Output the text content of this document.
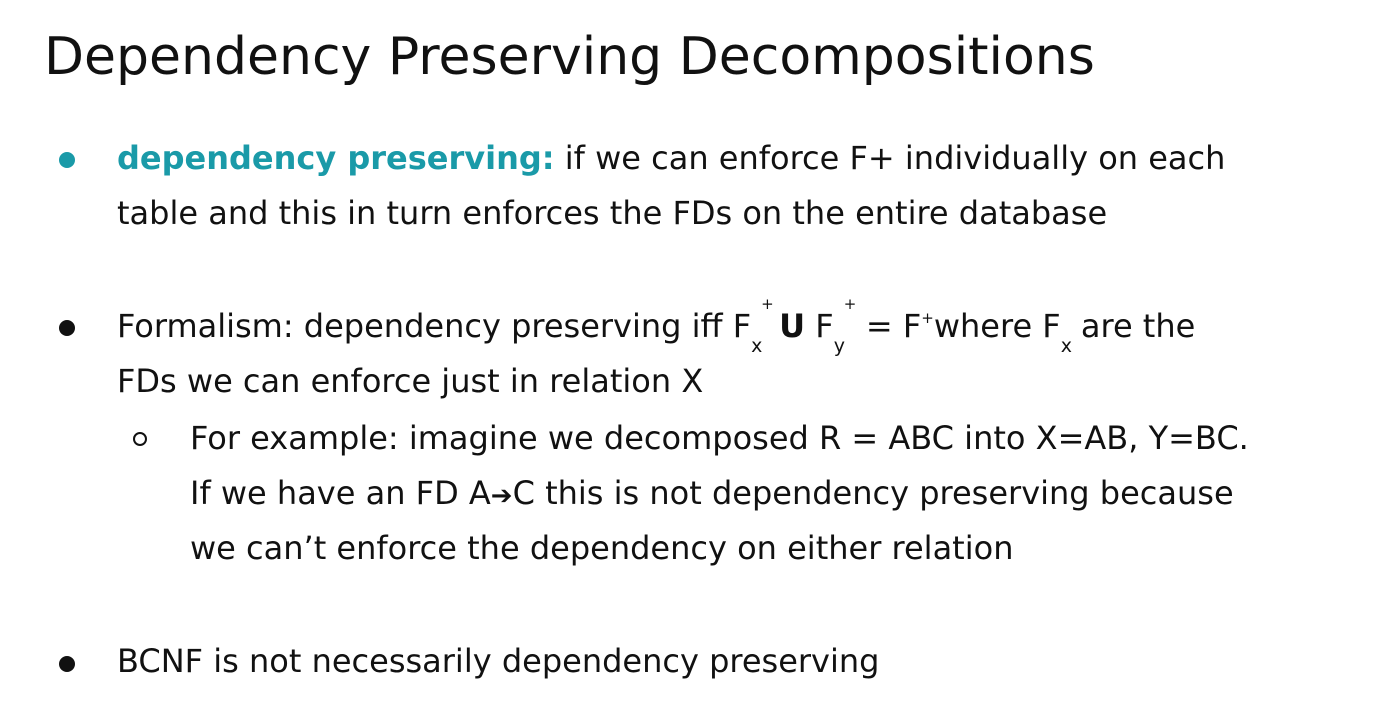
Dependency Preserving Decompositions
dependency preserving: if we can enforce F+ individually on each
table and this in turn enforces the FDs on the entire database
Formalism: dependency preserving iff F
x
+
U F
y
+
= F+where F
x
are the
FDs we can enforce just in relation X
For example: imagine we decomposed R = ABC into X=AB, Y=BC.
If we have an FD A➔C this is not dependency preserving because
we can’t enforce the dependency on either relation
BCNF is not necessarily dependency preserving
